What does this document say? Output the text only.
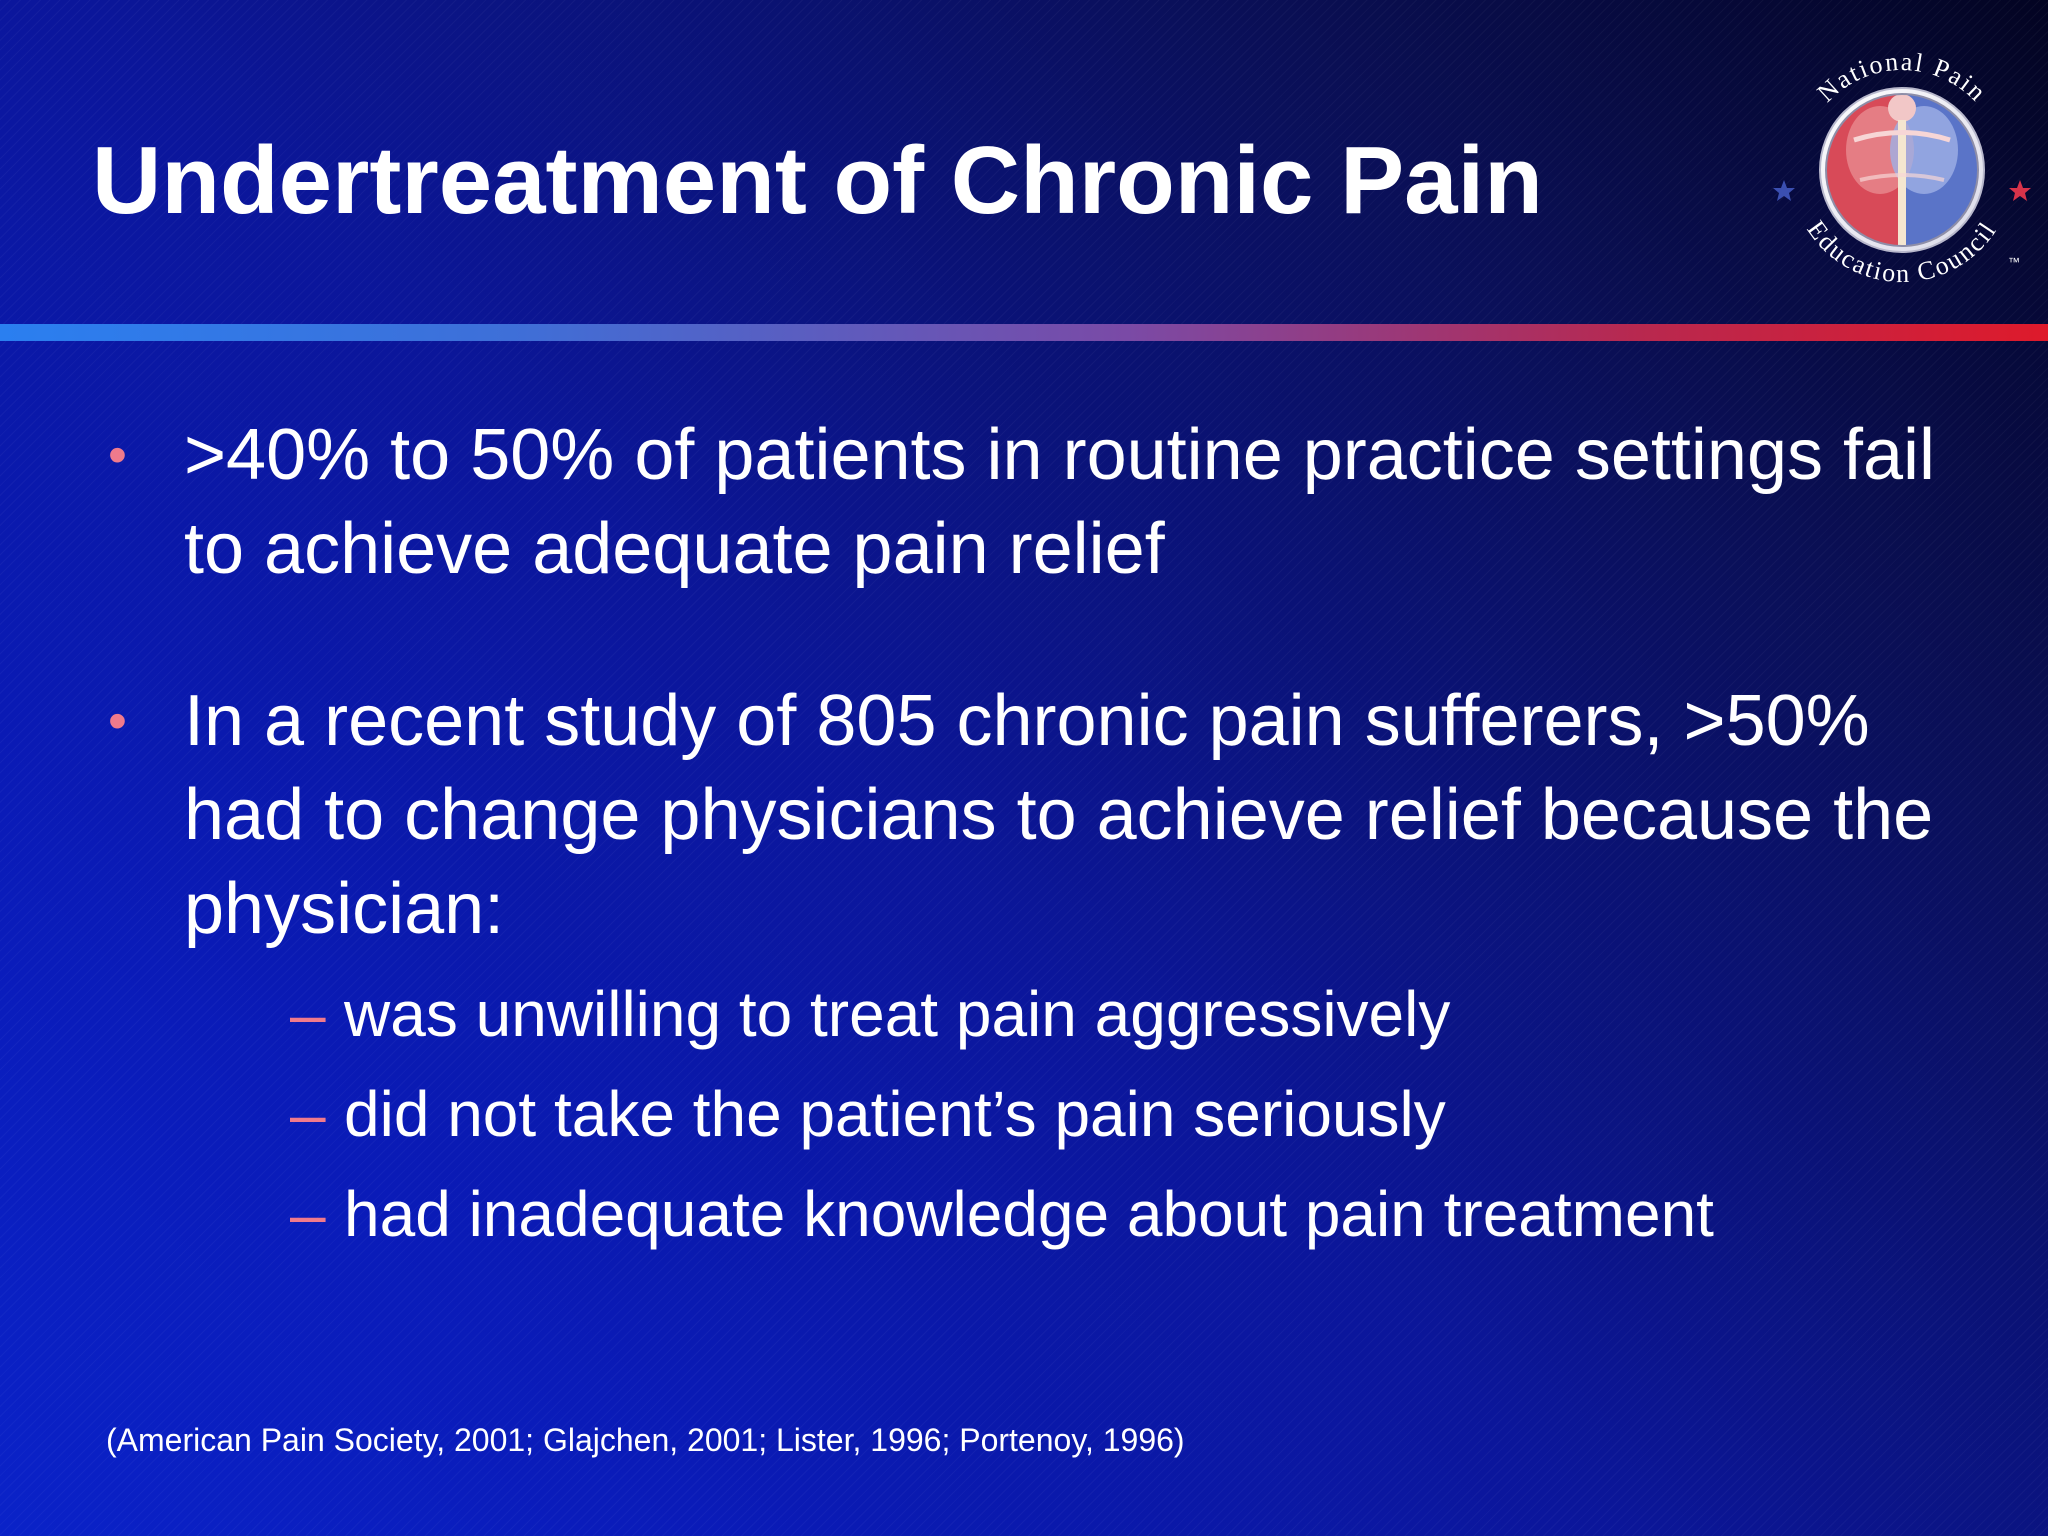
Undertreatment of Chronic Pain
National Pain
Education Council
™
• >40% to 50% of patients in routine practice settings fail to achieve adequate pain relief
• In a recent study of 805 chronic pain sufferers, >50% had to change physicians to achieve relief because the physician:
– was unwilling to treat pain aggressively
– did not take the patient’s pain seriously
– had inadequate knowledge about pain treatment
(American Pain Society, 2001; Glajchen, 2001; Lister, 1996; Portenoy, 1996)
